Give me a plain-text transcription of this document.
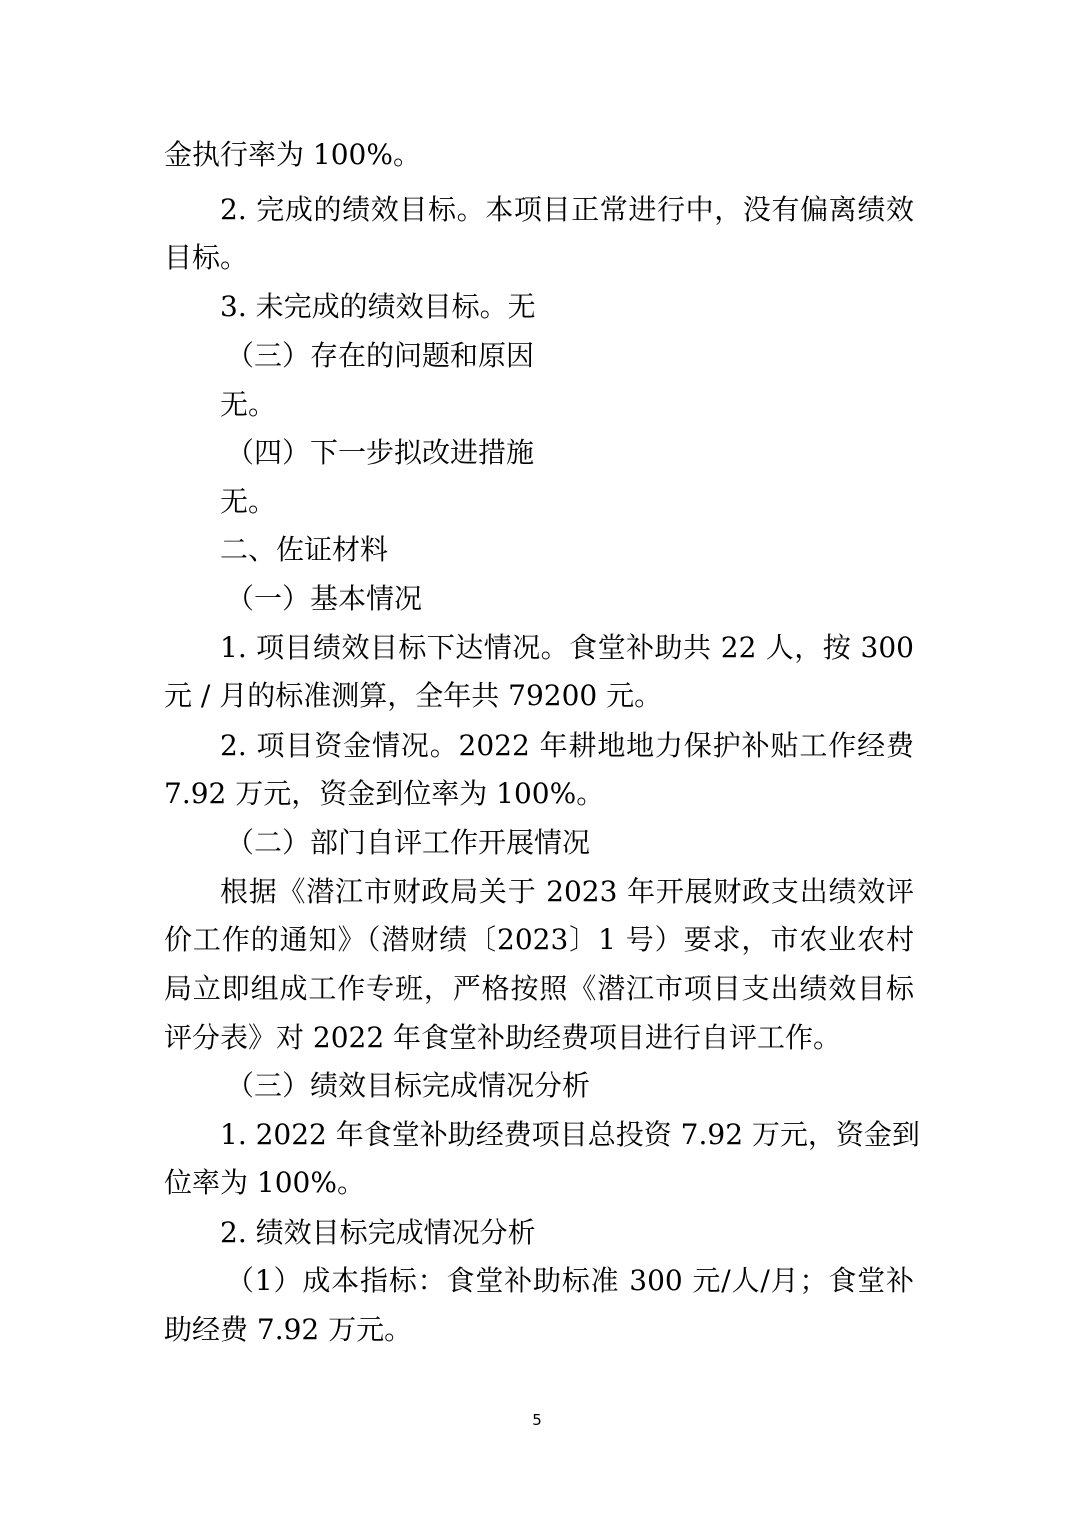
金执行率为 100%。

2. 完成的绩效目标。本项目正常进行中，没有偏离绩效

目标。

3. 未完成的绩效目标。无

（三）存在的问题和原因

无。

（四）下一步拟改进措施

无。

二、佐证材料

（一）基本情况

1. 项目绩效目标下达情况。食堂补助共 22 人，按 300

元 / 月的标准测算，全年共 79200 元。

2. 项目资金情况。2022 年耕地地力保护补贴工作经费

7.92 万元，资金到位率为 100%。

（二）部门自评工作开展情况

根据《潜江市财政局关于 2023 年开展财政支出绩效评

价工作的通知》（潜财绩〔2023〕1 号）要求，市农业农村

局立即组成工作专班，严格按照《潜江市项目支出绩效目标

评分表》对 2022 年食堂补助经费项目进行自评工作。

（三）绩效目标完成情况分析

1. 2022 年食堂补助经费项目总投资 7.92 万元，资金到

位率为 100%。

2. 绩效目标完成情况分析

（1）成本指标：食堂补助标准 300 元/人/月；食堂补

助经费 7.92 万元。

5
